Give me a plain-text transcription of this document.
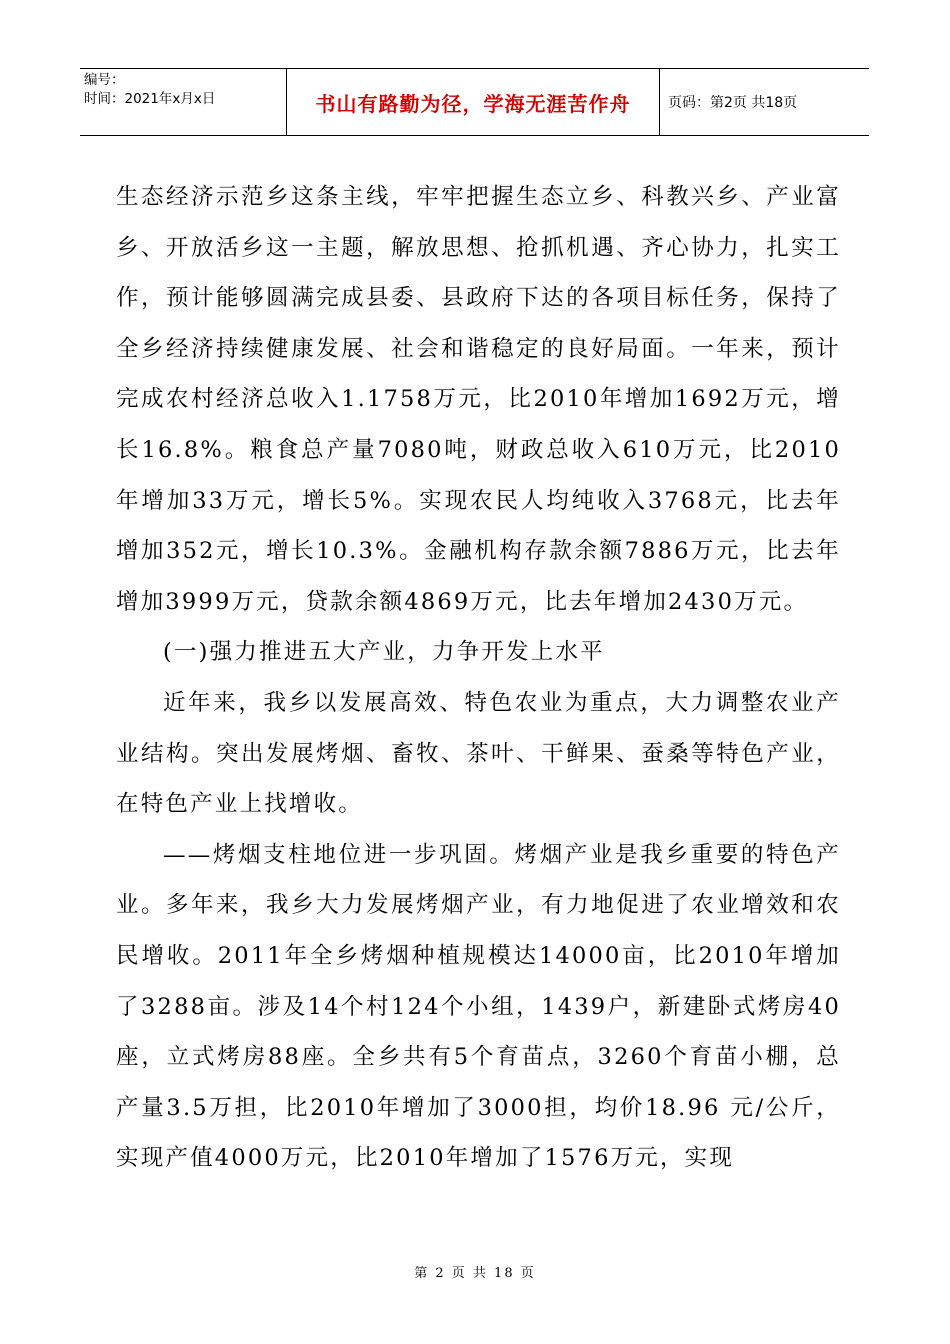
编号：
时间：2021年x月x日	书山有路勤为径，学海无涯苦作舟	页码：第2页 共18页

生态经济示范乡这条主线，牢牢把握生态立乡、科教兴乡、产业富乡、开放活乡这一主题，解放思想、抢抓机遇、齐心协力，扎实工作，预计能够圆满完成县委、县政府下达的各项目标任务，保持了全乡经济持续健康发展、社会和谐稳定的良好局面。一年来，预计完成农村经济总收入1.1758万元，比2010年增加1692万元，增长16.8%。粮食总产量7080吨，财政总收入610万元，比2010年增加33万元，增长5%。实现农民人均纯收入3768元，比去年增加352元，增长10.3%。金融机构存款余额7886万元，比去年增加3999万元，贷款余额4869万元，比去年增加2430万元。

(一)强力推进五大产业，力争开发上水平

近年来，我乡以发展高效、特色农业为重点，大力调整农业产业结构。突出发展烤烟、畜牧、茶叶、干鲜果、蚕桑等特色产业，在特色产业上找增收。

——烤烟支柱地位进一步巩固。烤烟产业是我乡重要的特色产业。多年来，我乡大力发展烤烟产业，有力地促进了农业增效和农民增收。2011年全乡烤烟种植规模达14000亩，比2010年增加了3288亩。涉及14个村124个小组，1439户，新建卧式烤房40座，立式烤房88座。全乡共有5个育苗点，3260个育苗小棚，总产量3.5万担，比2010年增加了3000担，均价18.96 元/公斤，实现产值4000万元，比2010年增加了1576万元，实现

第 2 页 共 18 页
